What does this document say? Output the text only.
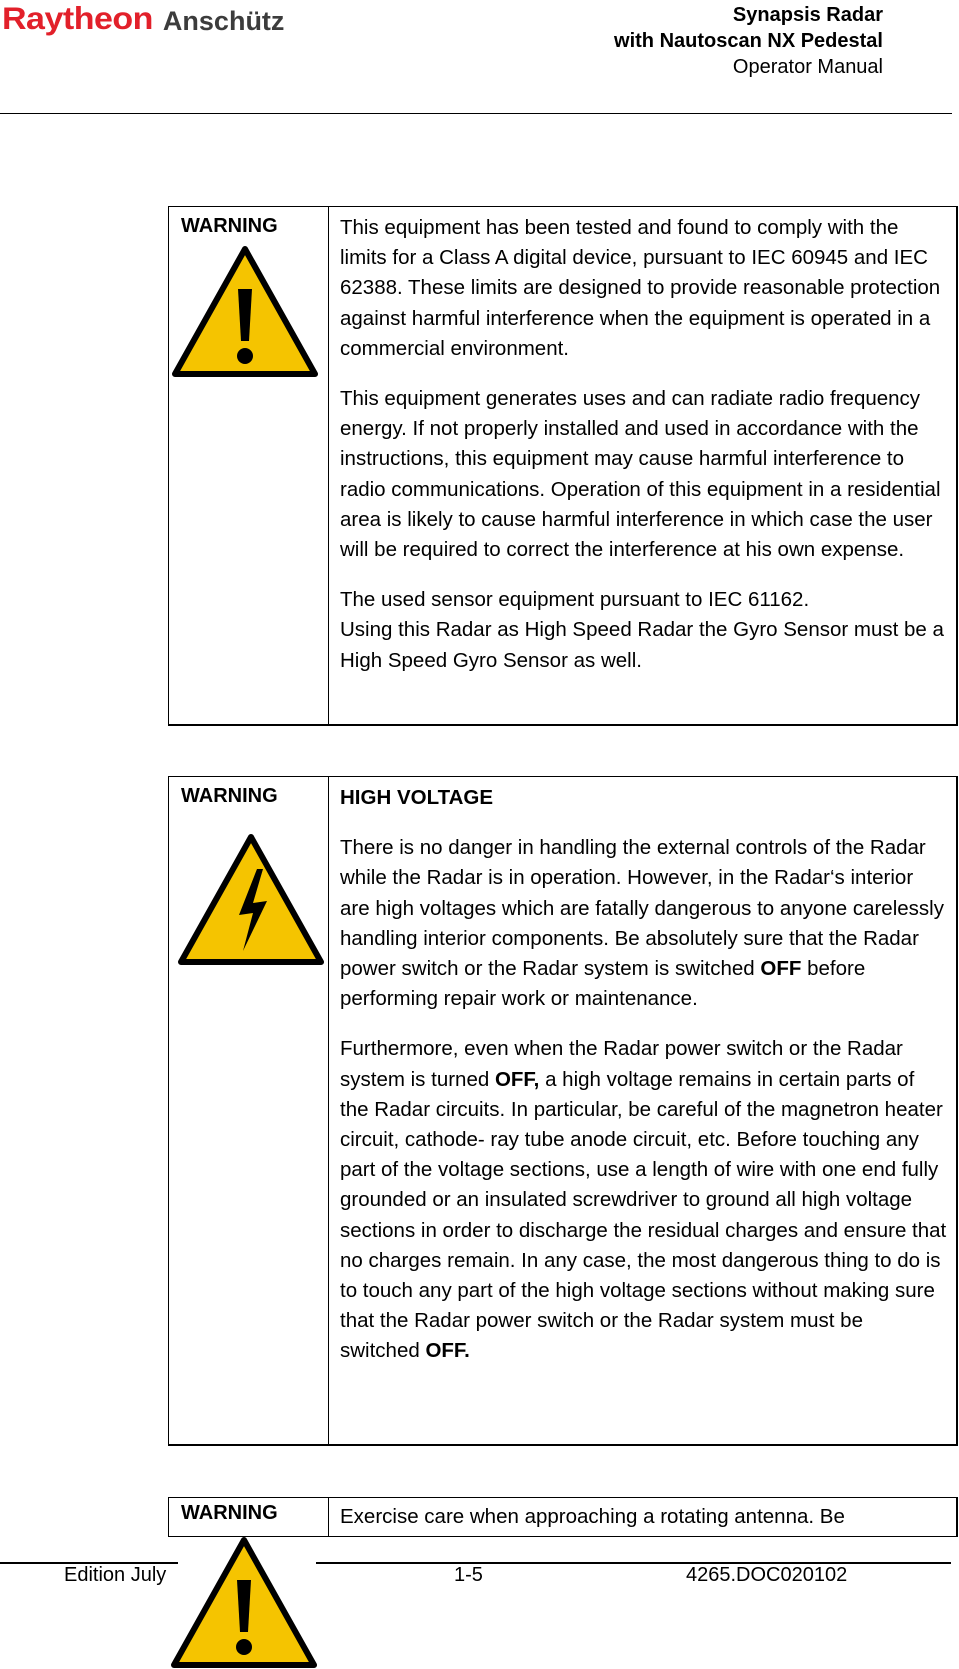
Raytheon Anschütz	Synapsis Radar
with Nautoscan NX Pedestal
Operator Manual
WARNING	This equipment has been tested and found to comply with the limits for a Class A digital device, pursuant to IEC 60945 and IEC 62388. These limits are designed to provide reasonable protection against harmful interference when the equipment is operated in a commercial environment.

This equipment generates uses and can radiate radio frequency energy. If not properly installed and used in accordance with the instructions, this equipment may cause harmful interference to radio communications. Operation of this equipment in a residential area is likely to cause harmful interference in which case the user will be required to correct the interference at his own expense.

The used sensor equipment pursuant to IEC 61162.

Using this Radar as High Speed Radar the Gyro Sensor must be a High Speed Gyro Sensor as well.

WARNING	HIGH VOLTAGE

There is no danger in handling the external controls of the Radar while the Radar is in operation. However, in the Radar‘s interior are high voltages which are fatally dangerous to anyone carelessly handling interior components. Be absolutely sure that the Radar power switch or the Radar system is switched OFF before performing repair work or maintenance.

Furthermore, even when the Radar power switch or the Radar system is turned OFF, a high voltage remains in certain parts of the Radar circuits. In particular, be careful of the magnetron heater circuit, cathode- ray tube anode circuit, etc. Before touching any part of the voltage sections, use a length of wire with one end fully grounded or an insulated screwdriver to ground all high voltage sections in order to discharge the residual charges and ensure that no charges remain. In any case, the most dangerous thing to do is to touch any part of the high voltage sections without making sure that the Radar power switch or the Radar system must be switched OFF.

WARNING	Exercise care when approaching a rotating antenna. Be

Edition July	1-5	4265.DOC020102
